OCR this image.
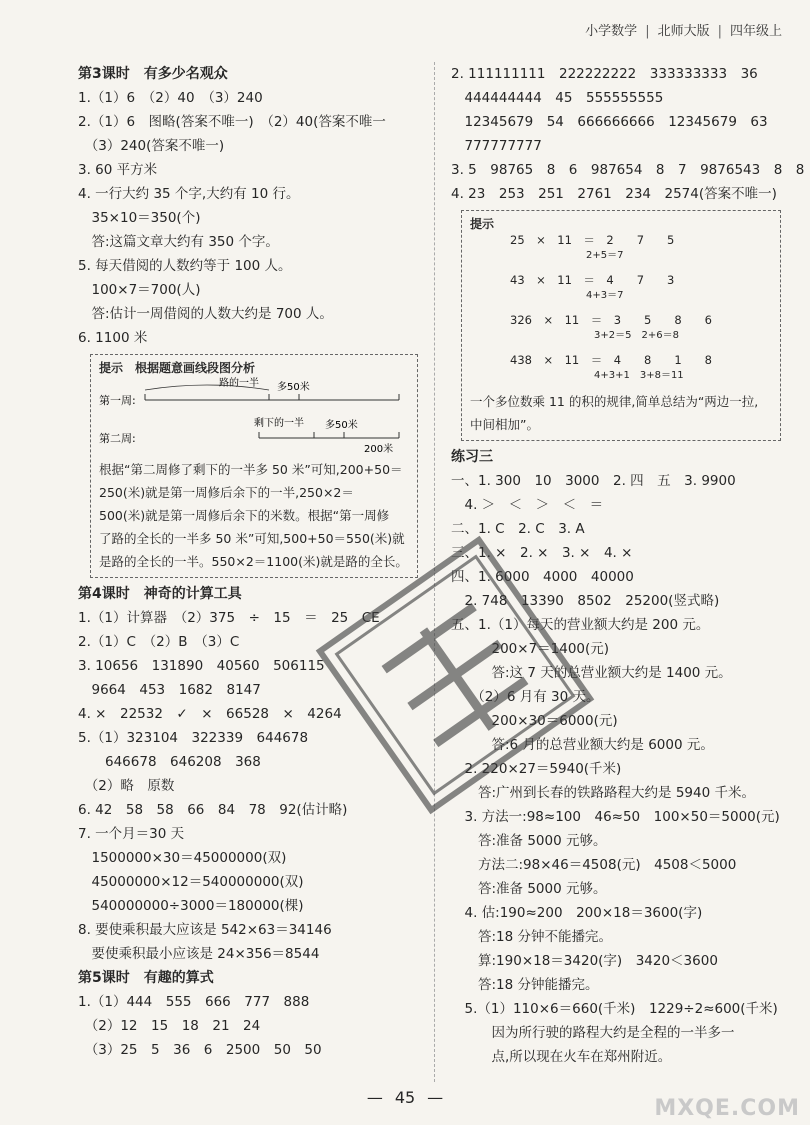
小学数学 | 北师大版 | 四年级上
第3课时　有多少名观众
1.（1）6　（2）40　（3）240
2.（1）6　图略(答案不唯一)　（2）40(答案不唯一
　（3）240(答案不唯一)
3. 60 平方米
4. 一行大约 35 个字,大约有 10 行。
　35×10＝350(个)
　答:这篇文章大约有 350 个字。
5. 每天借阅的人数约等于 100 人。
　100×7＝700(人)
　答:估计一周借阅的人数大约是 700 人。
6. 1100 米
提示　根据题意画线段图分析
路的一半 多50米
第一周:
剩下的一半 多50米
第二周:
200米
根据“第二周修了剩下的一半多 50 米”可知,200+50＝
250(米)就是第一周修后余下的一半,250×2＝
500(米)就是第一周修后余下的米数。根据“第一周修
了路的全长的一半多 50 米”可知,500+50＝550(米)就
是路的全长的一半。550×2＝1100(米)就是路的全长。
第4课时　神奇的计算工具
1.（1）计算器　（2）375　÷　15　＝　25　CE
2.（1）C　（2）B　（3）C
3. 10656　131890　40560　506115
　9664　453　1682　8147
4. ×　22532　✓　×　66528　×　4264
5.（1）323104　322339　644678
　　646678　646208　368
　（2）略　原数
6. 42　58　58　66　84　78　92(估计略)
7. 一个月＝30 天
　1500000×30＝45000000(双)
　45000000×12＝540000000(双)
　540000000÷3000＝180000(棵)
8. 要使乘积最大应该是 542×63＝34146
　要使乘积最小应该是 24×356＝8544
第5课时　有趣的算式
1.（1）444　555　666　777　888
　（2）12　15　18　21　24
　（3）25　5　36　6　2500　50　50
2. 111111111　222222222　333333333　36
　444444444　45　555555555
　12345679　54　666666666　12345679　63
　777777777
3. 5　98765　8　6　987654　8　7　9876543　8　8
4. 23　253　251　2761　234　2574(答案不唯一)
提示
25　×　11　＝　2　　7　　5
2+5＝7
43　×　11　＝　4　　7　　3
4+3＝7
326　×　11　＝　3　　5　　8　　6
3+2＝5　2+6＝8
438　×　11　＝　4　　8　　1　　8
4+3+1　3+8＝11
一个多位数乘 11 的积的规律,简单总结为“两边一拉,
中间相加”。
练习三
一、1. 300　10　3000　2. 四　五　3. 9900
　4. ＞　＜　＞　＜　＝
二、1. C　2. C　3. A
三、1. ×　2. ×　3. ×　4. ×
四、1. 6000　4000　40000
　2. 748　13390　8502　25200(竖式略)
五、1.（1）每天的营业额大约是 200 元。
　　　200×7＝1400(元)
　　　答:这 7 天的总营业额大约是 1400 元。
　　（2）6 月有 30 天。
　　　200×30＝6000(元)
　　　答:6 月的总营业额大约是 6000 元。
　2. 220×27＝5940(千米)
　　答:广州到长春的铁路路程大约是 5940 千米。
　3. 方法一:98≈100　46≈50　100×50＝5000(元)
　　答:准备 5000 元够。
　　方法二:98×46＝4508(元)　4508＜5000
　　答:准备 5000 元够。
　4. 估:190≈200　200×18＝3600(字)
　　答:18 分钟不能播完。
　　算:190×18＝3420(字)　3420＜3600
　　答:18 分钟能播完。
　5.（1）110×6＝660(千米)　1229÷2≈600(千米)
　　　因为所行驶的路程大约是全程的一半多一
　　　点,所以现在火车在郑州附近。
— 45 —	MXQE.COM
